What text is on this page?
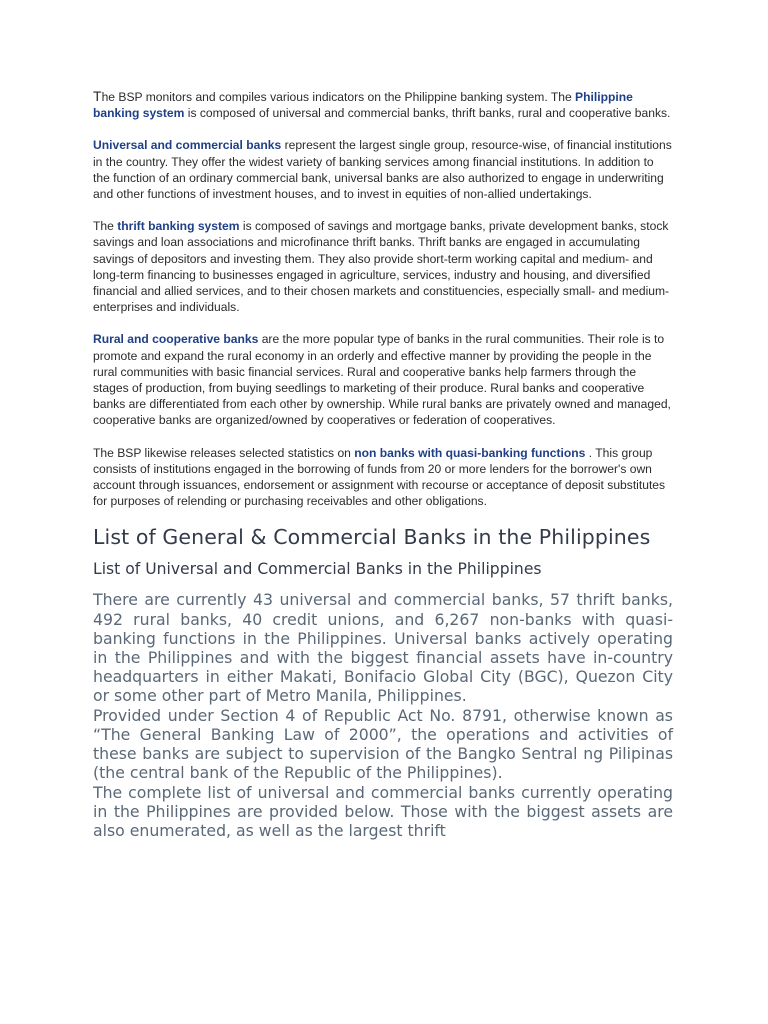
The BSP monitors and compiles various indicators on the Philippine banking system. The Philippine banking system is composed of universal and commercial banks, thrift banks, rural and cooperative banks.

Universal and commercial banks represent the largest single group, resource-wise, of financial institutions in the country. They offer the widest variety of banking services among financial institutions. In addition to the function of an ordinary commercial bank, universal banks are also authorized to engage in underwriting and other functions of investment houses, and to invest in equities of non-allied undertakings.

The thrift banking system is composed of savings and mortgage banks, private development banks, stock savings and loan associations and microfinance thrift banks. Thrift banks are engaged in accumulating savings of depositors and investing them. They also provide short-term working capital and medium- and long-term financing to businesses engaged in agriculture, services, industry and housing, and diversified financial and allied services, and to their chosen markets and constituencies, especially small- and medium- enterprises and individuals.

Rural and cooperative banks are the more popular type of banks in the rural communities. Their role is to promote and expand the rural economy in an orderly and effective manner by providing the people in the rural communities with basic financial services. Rural and cooperative banks help farmers through the stages of production, from buying seedlings to marketing of their produce. Rural banks and cooperative banks are differentiated from each other by ownership. While rural banks are privately owned and managed, cooperative banks are organized/owned by cooperatives or federation of cooperatives.

The BSP likewise releases selected statistics on non banks with quasi-banking functions . This group consists of institutions engaged in the borrowing of funds from 20 or more lenders for the borrower's own account through issuances, endorsement or assignment with recourse or acceptance of deposit substitutes for purposes of relending or purchasing receivables and other obligations.

List of General & Commercial Banks in the Philippines
List of Universal and Commercial Banks in the Philippines

There are currently 43 universal and commercial banks, 57 thrift banks, 492 rural banks, 40 credit unions, and 6,267 non-banks with quasi-banking functions in the Philippines. Universal banks actively operating in the Philippines and with the biggest financial assets have in-country headquarters in either Makati, Bonifacio Global City (BGC), Quezon City or some other part of Metro Manila, Philippines.

Provided under Section 4 of Republic Act No. 8791, otherwise known as “The General Banking Law of 2000”, the operations and activities of these banks are subject to supervision of the Bangko Sentral ng Pilipinas (the central bank of the Republic of the Philippines).

The complete list of universal and commercial banks currently operating in the Philippines are provided below. Those with the biggest assets are also enumerated, as well as the largest thrift
